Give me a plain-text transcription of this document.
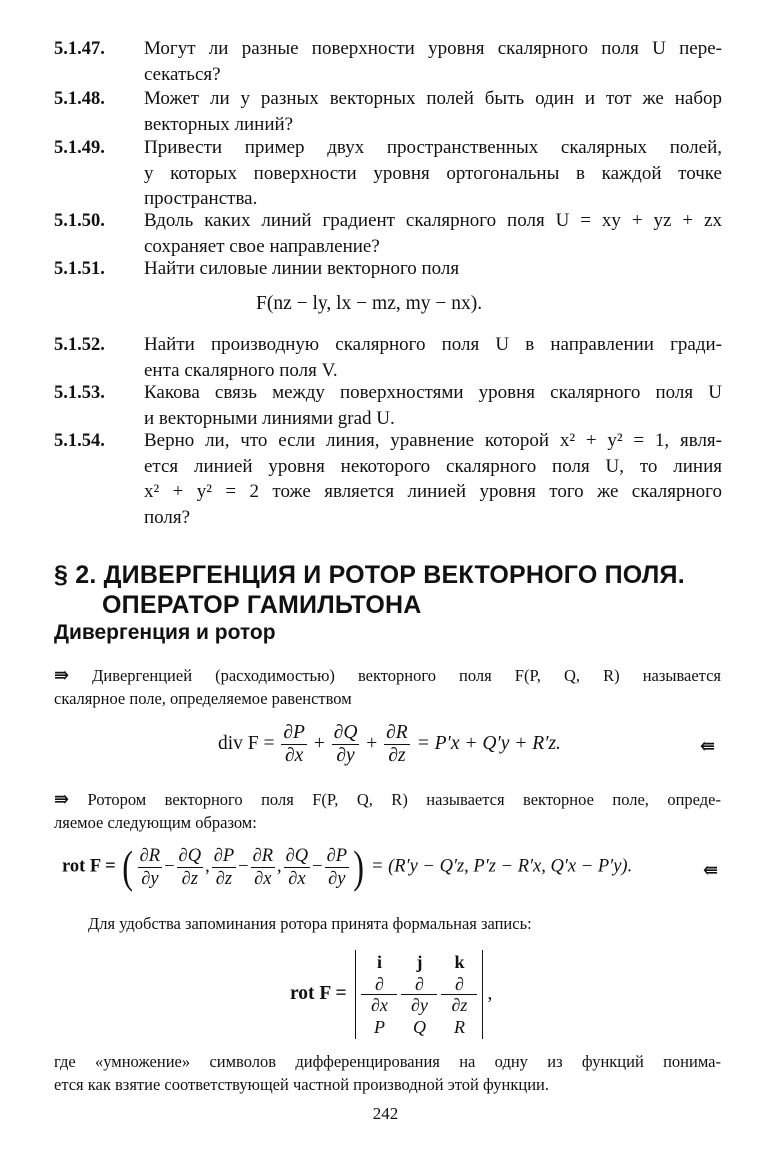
5.1.47.	Могут ли разные поверхности уровня скалярного поля U пере-
секаться?
5.1.48.	Может ли у разных векторных полей быть один и тот же набор
векторных линий?
5.1.49.	Привести пример двух пространственных скалярных полей,
у которых поверхности уровня ортогональны в каждой точке
пространства.
5.1.50.	Вдоль каких линий градиент скалярного поля U = xy + yz + zx
сохраняет свое направление?
5.1.51.	Найти силовые линии векторного поля
F(nz − ly, lx − mz, my − nx).
5.1.52.	Найти производную скалярного поля U в направлении гради-
ента скалярного поля V.
5.1.53.	Какова связь между поверхностями уровня скалярного поля U
и векторными линиями grad U.
5.1.54.	Верно ли, что если линия, уравнение которой x² + y² = 1, явля-
ется линией уровня некоторого скалярного поля U, то линия
x² + y² = 2 тоже является линией уровня того же скалярного
поля?
§ 2. ДИВЕРГЕНЦИЯ И РОТОР ВЕКТОРНОГО ПОЛЯ.
ОПЕРАТОР ГАМИЛЬТОНА
Дивергенция и ротор
⇛ Дивергенцией (расходимостью) векторного поля F(P, Q, R) называется
скалярное поле, определяемое равенством
div $F = \frac{\partial P}{\partial x} + \frac{\partial Q}{\partial y} + \frac{\partial R}{\partial z} = P'x + Q'y + R'z$.	⇚
⇛ Ротором векторного поля F(P, Q, R) называется векторное поле, опреде-
ляемое следующим образом:
rot F = ( $\frac{\partial R}{\partial y} - \frac{\partial Q}{\partial z}$ , $\frac{\partial P}{\partial z} - \frac{\partial R}{\partial x}$ , $\frac{\partial Q}{\partial x} - \frac{\partial P}{\partial y}$ ) = (R′y − Q′z, P′z − R′x, Q′x − P′y).	⇚
Для удобства запоминания ротора принята формальная запись:
rot F =
i	j	k
$\frac{\partial}{\partial x} \frac{\partial}{\partial y} \frac{\partial}{\partial z}$
P	Q	R
,
где «умножение» символов дифференцирования на одну из функций понима-
ется как взятие соответствующей частной производной этой функции.
242
